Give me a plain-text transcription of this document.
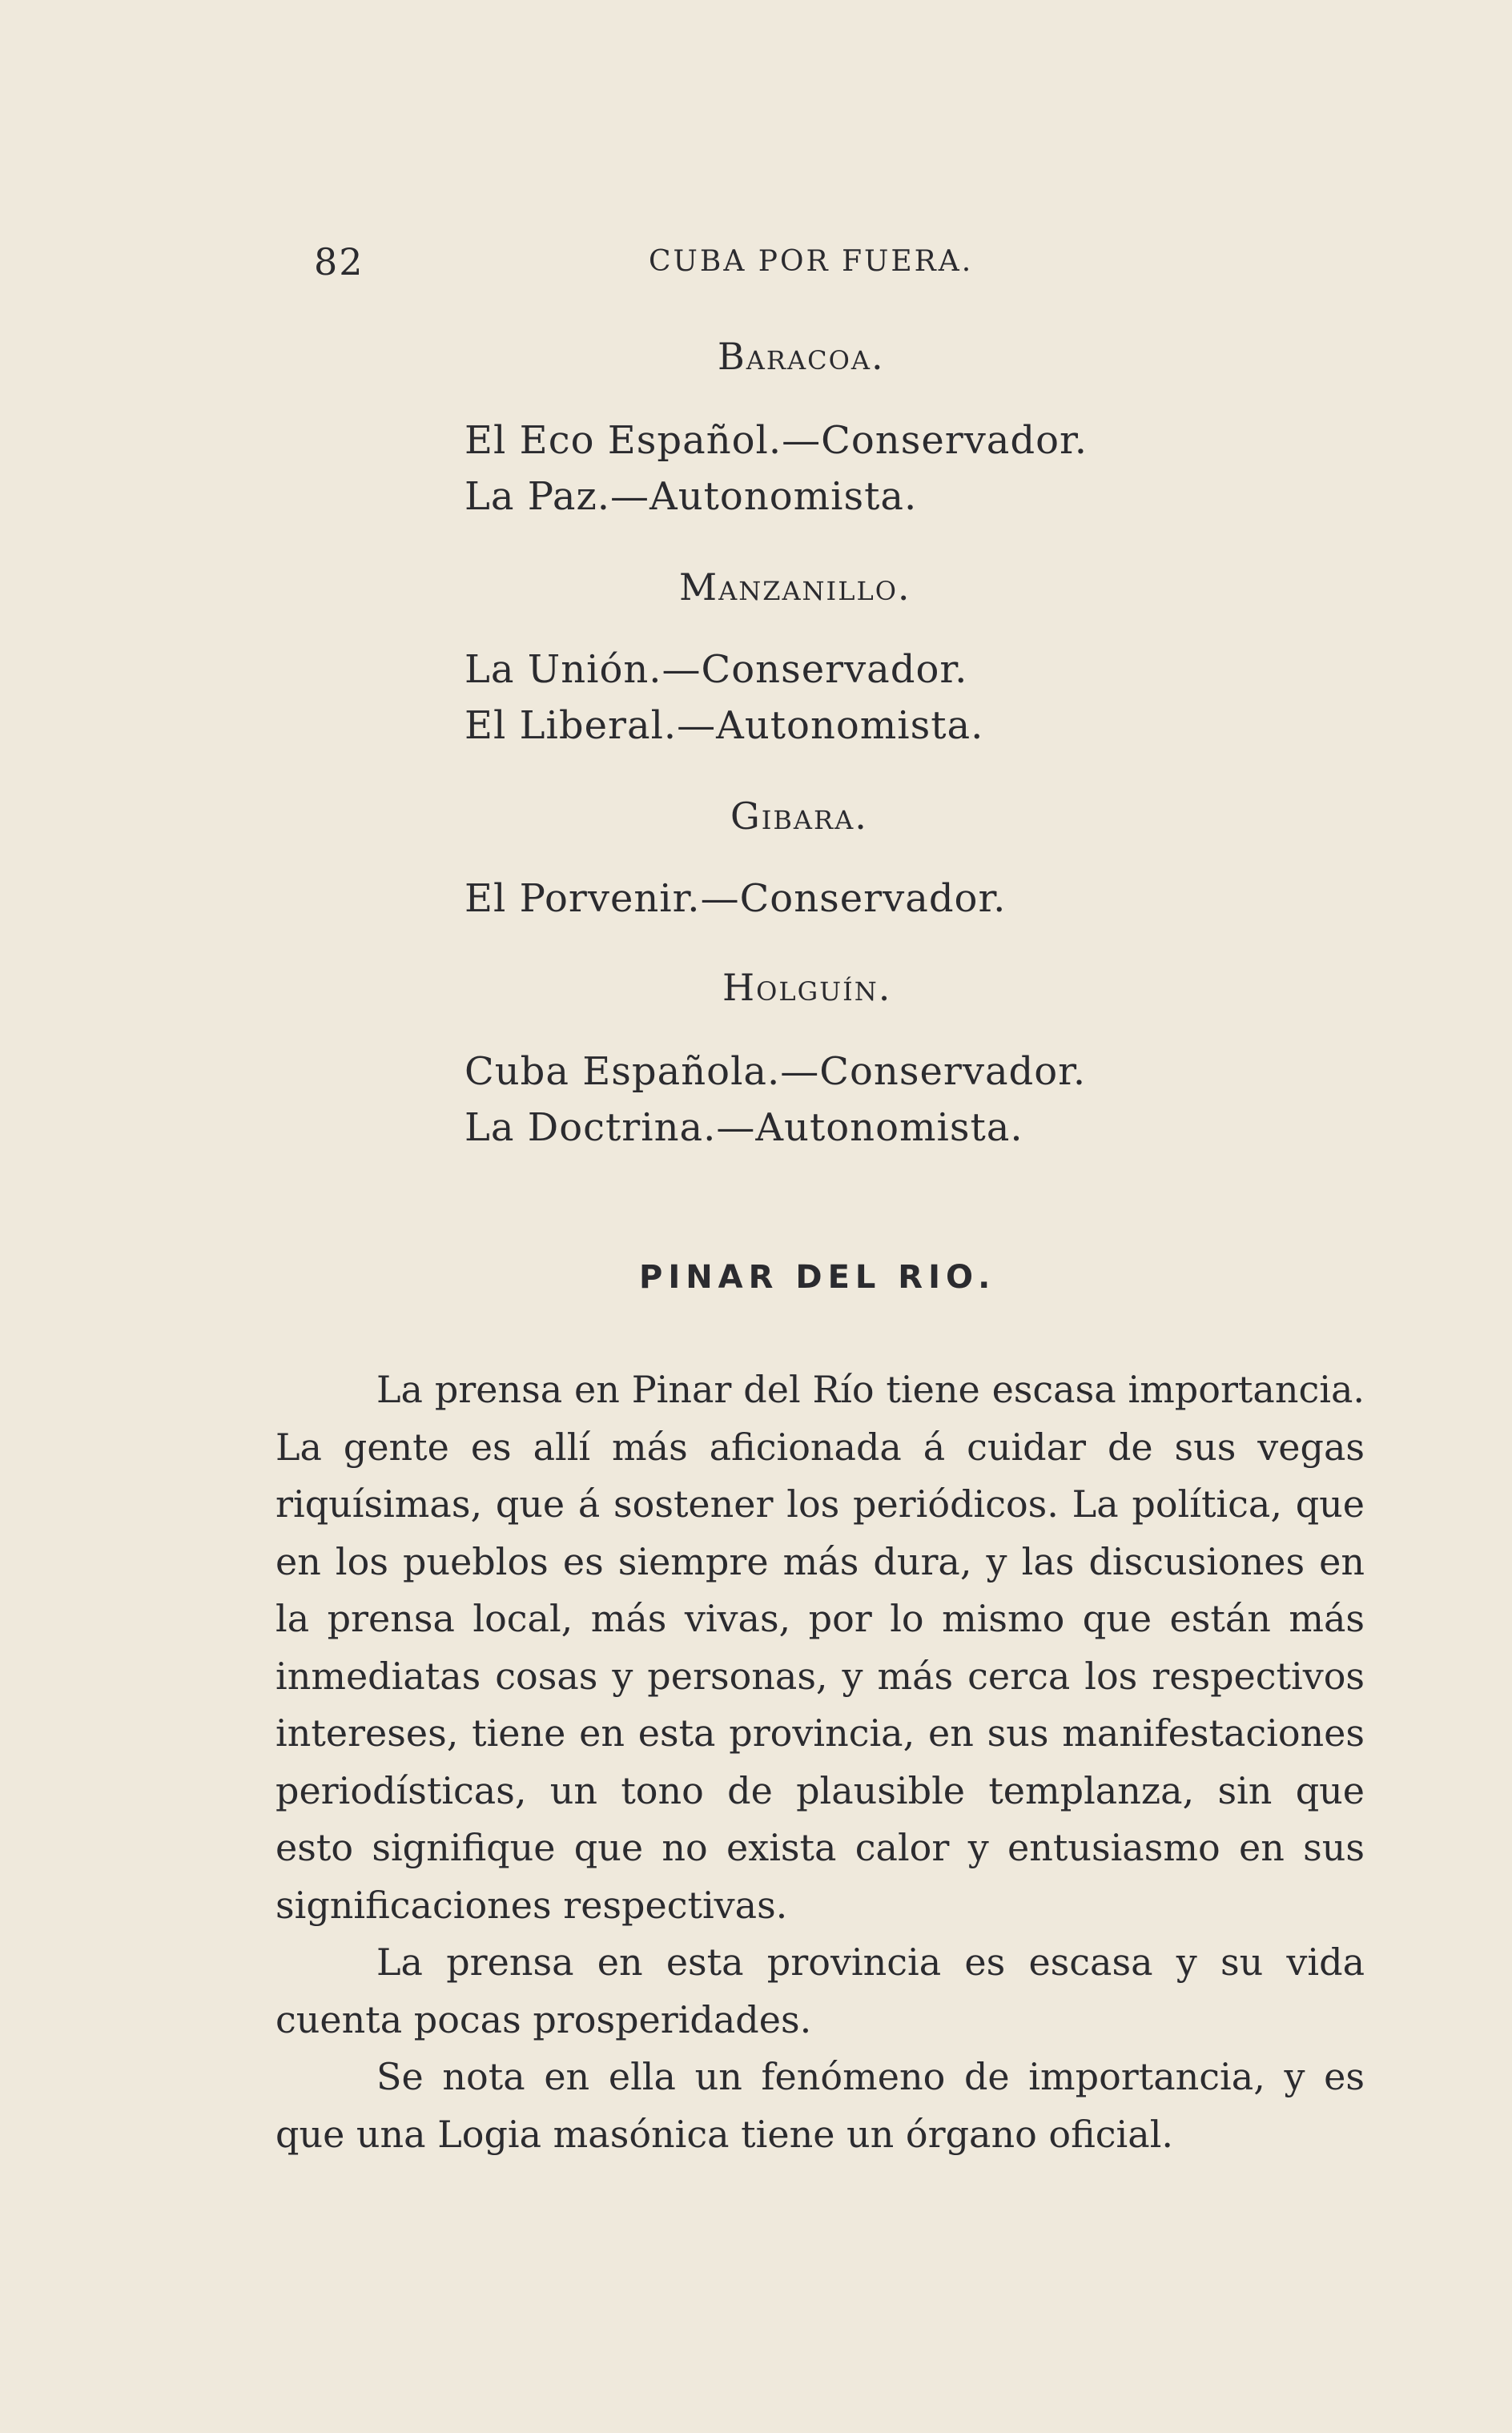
82	CUBA POR FUERA.
Baracoa.
El Eco Español.—Conservador.
La Paz.—Autonomista.
Manzanillo.
La Unión.—Conservador.
El Liberal.—Autonomista.
Gibara.
El Porvenir.—Conservador.
Holguín.
Cuba Española.—Conservador.
La Doctrina.—Autonomista.
PINAR DEL RIO.

La prensa en Pinar del Río tiene escasa importancia. La gente es allí más aficionada á cuidar de sus vegas riquísimas, que á sostener los periódicos. La política, que en los pueblos es siempre más dura, y las discusiones en la prensa local, más vivas, por lo mismo que están más inmediatas cosas y personas, y más cerca los respectivos intereses, tiene en esta provincia, en sus manifestaciones periodísticas, un tono de plausible templanza, sin que esto signifique que no exista calor y entusiasmo en sus significaciones respectivas.

La prensa en esta provincia es escasa y su vida cuenta pocas prosperidades.

Se nota en ella un fenómeno de importancia, y es que una Logia masónica tiene un órgano oficial.
